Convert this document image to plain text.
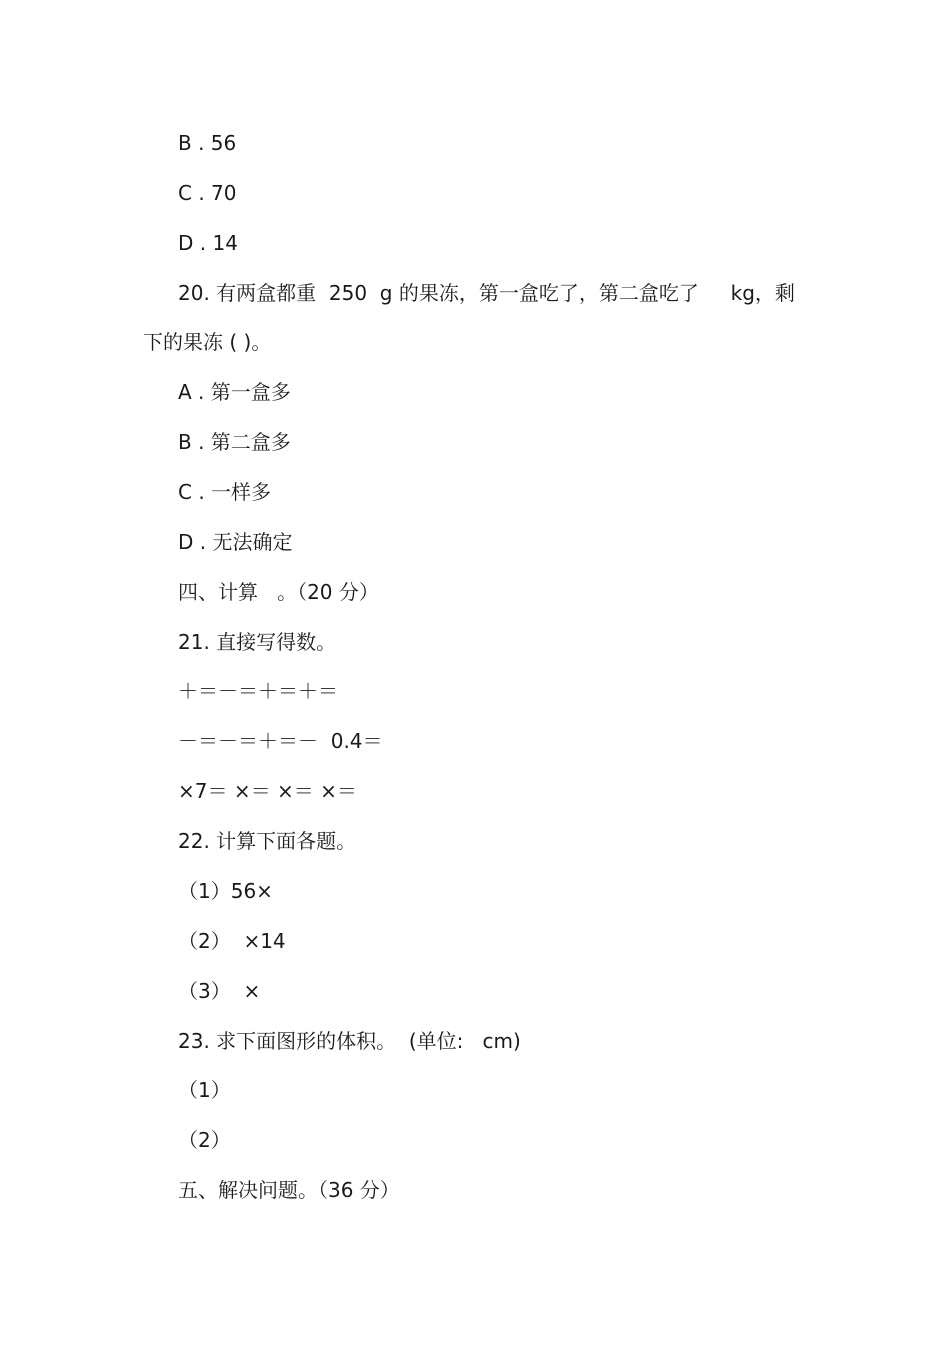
B . 56
C . 70
D . 14
20. 有两盒都重  250  g 的果冻，第一盒吃了，第二盒吃了     kg，剩
下的果冻 ( )。
A . 第一盒多
B . 第二盒多
C . 一样多
D . 无法确定
四、计算   。（20 分）
21. 直接写得数。
＋＝－＝＋＝＋＝
－＝－＝＋＝－  0.4＝
×7＝ ×＝ ×＝ ×＝
22. 计算下面各题。
（1）56×
（2）  ×14
（3）  ×
23. 求下面图形的体积。  (单位:   cm)
（1）
（2）
五、解决问题。（36 分）
